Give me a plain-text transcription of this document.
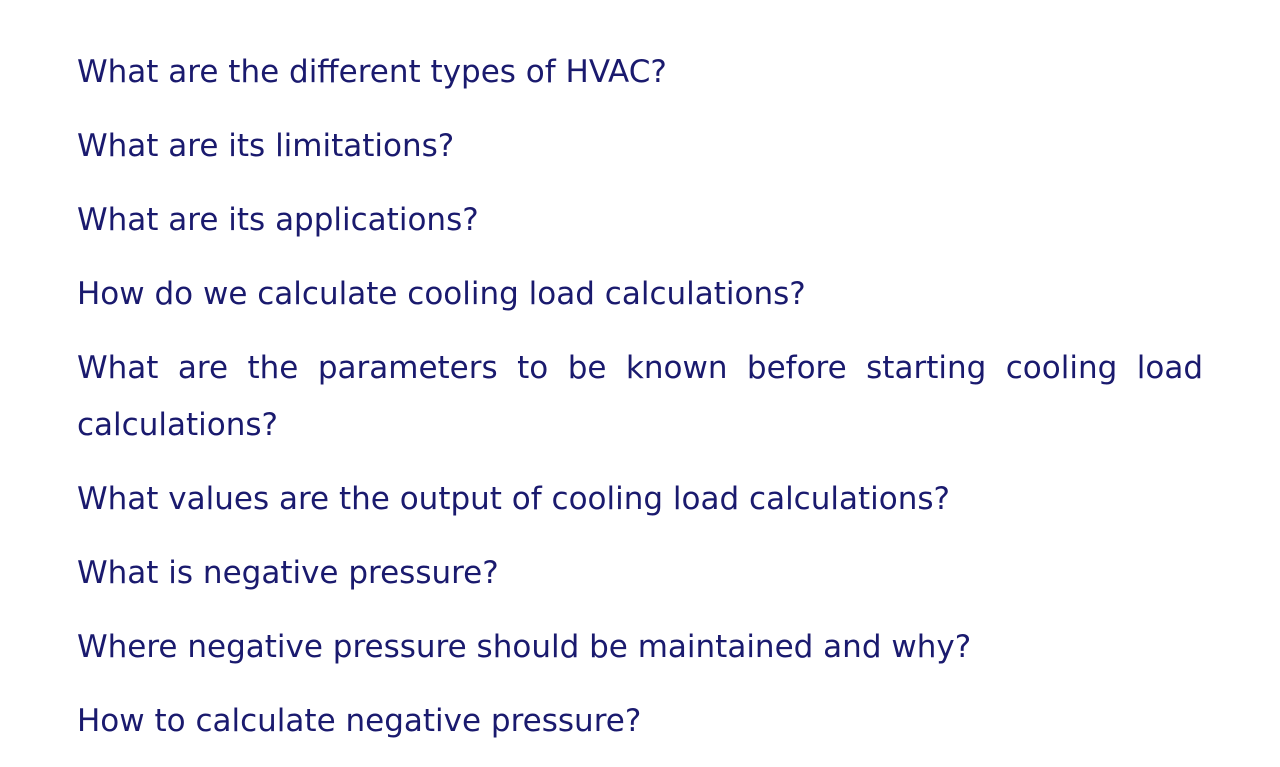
What are the different types of HVAC?
What are its limitations?
What are its applications?
How do we calculate cooling load calculations?
What are the parameters to be known before starting cooling load calculations?
What values are the output of cooling load calculations?
What is negative pressure?
Where negative pressure should be maintained and why?
How to calculate negative pressure?
